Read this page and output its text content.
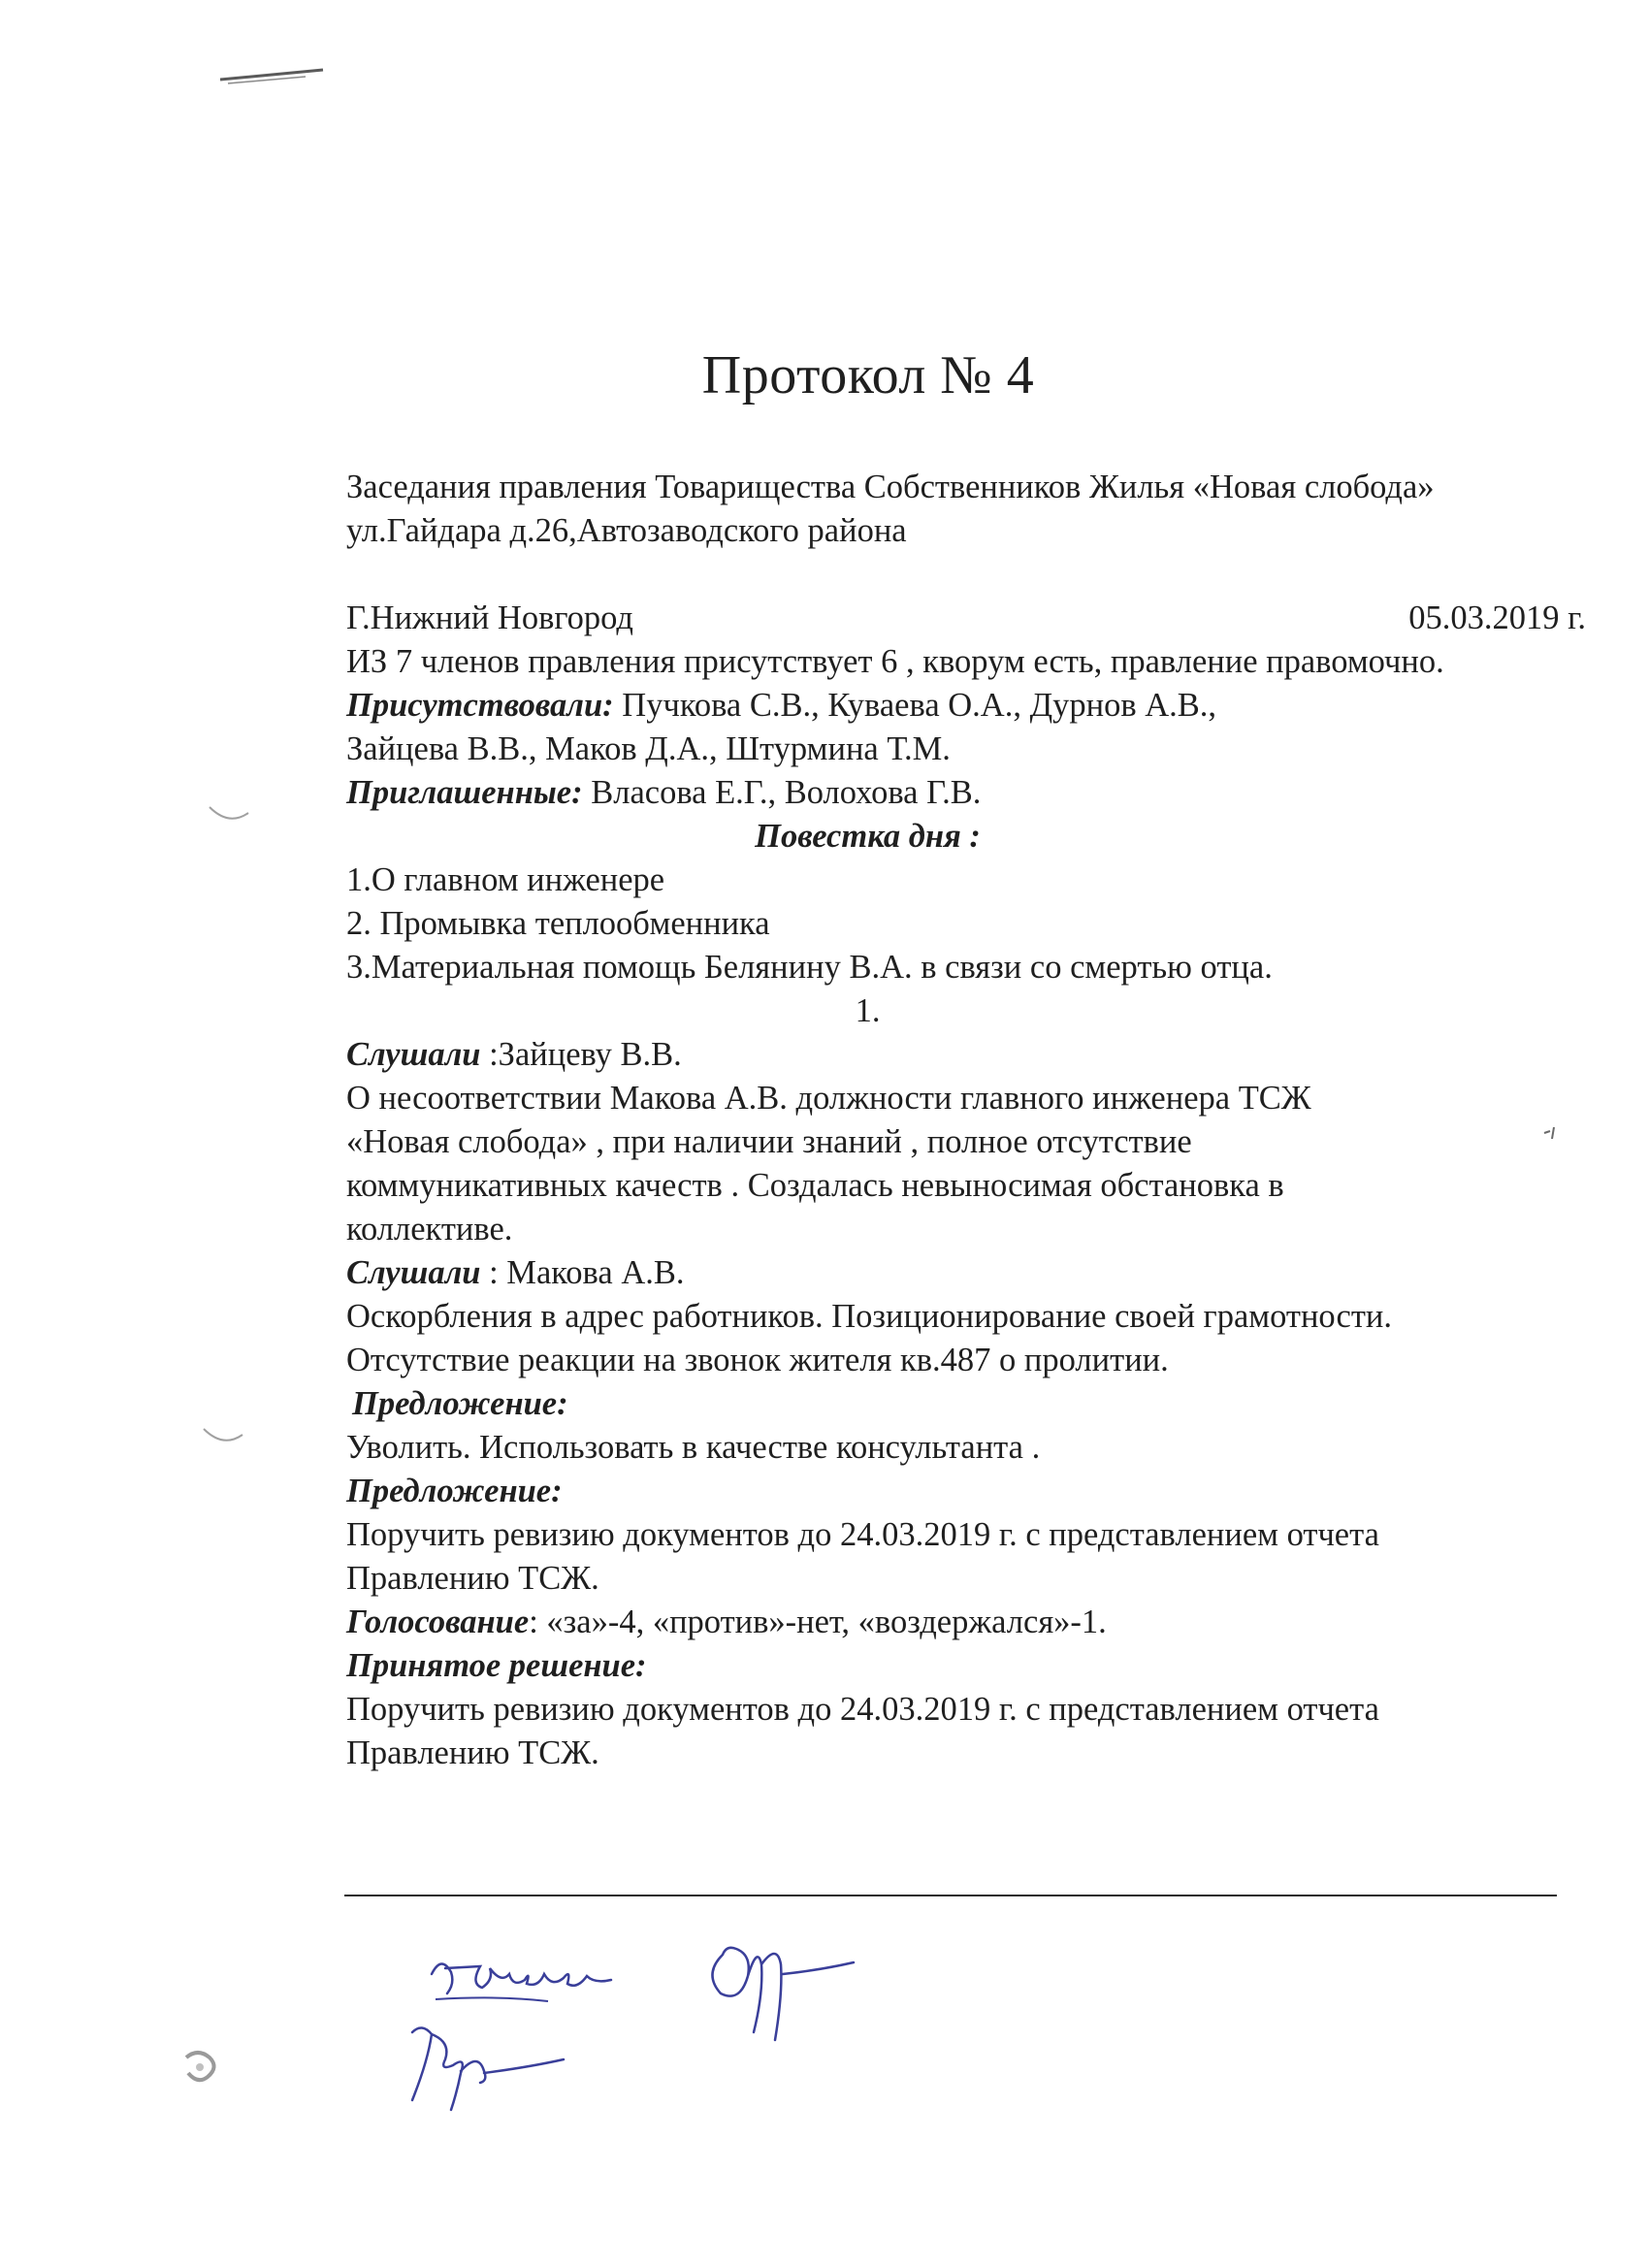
Протокол № 4
Заседания правления Товарищества Собственников Жилья «Новая слобода»
ул.Гайдара д.26,Автозаводского района
Г.Нижний Новгород	05.03.2019 г.
ИЗ 7 членов правления присутствует 6 , кворум есть, правление правомочно.
Присутствовали: Пучкова С.В., Куваева О.А., Дурнов А.В.,
Зайцева В.В., Маков Д.А., Штурмина Т.М.
Приглашенные: Власова Е.Г., Волохова Г.В.
Повестка дня :
1.О главном инженере
2. Промывка теплообменника
3.Материальная помощь Белянину В.А. в связи со смертью отца.
1.
Слушали :Зайцеву В.В.
О несоответствии Макова А.В. должности главного инженера ТСЖ
«Новая слобода» , при наличии знаний , полное отсутствие
коммуникативных качеств . Создалась невыносимая обстановка в
коллективе.
Слушали : Макова А.В.
Оскорбления в адрес работников. Позиционирование своей грамотности.
Отсутствие реакции на звонок жителя кв.487 о пролитии.
Предложение:
Уволить. Использовать в качестве консультанта .
Предложение:
Поручить ревизию документов до 24.03.2019 г. с представлением отчета
Правлению ТСЖ.
Голосование: «за»-4, «против»-нет, «воздержался»-1.
Принятое решение:
Поручить ревизию документов до 24.03.2019 г. с представлением отчета
Правлению ТСЖ.
